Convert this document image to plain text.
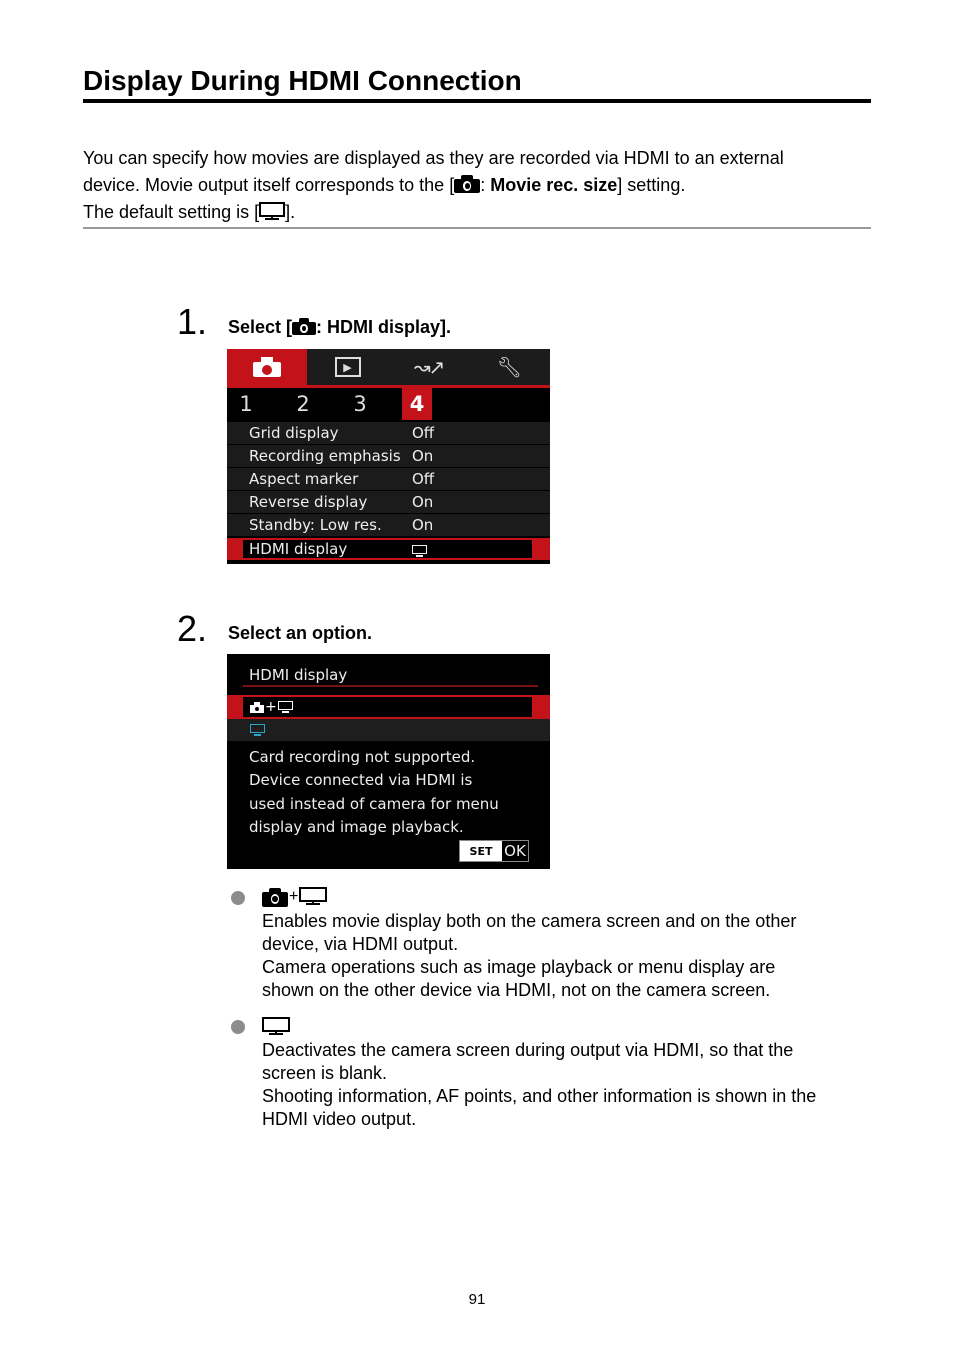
Display During HDMI Connection
You can specify how movies are displayed as they are recorded via HDMI to an external
device. Movie output itself corresponds to the [ : Movie rec. size] setting.
The default setting is [ ].
1. Select [ : HDMI display].
▶	↝↗	🔧︎
1	2	3	4
Grid display	Off
Recording emphasis On
Aspect marker	Off
Reverse display	On
Standby: Low res. On
HDMI display
2. Select an option.
HDMI display
+
Card recording not supported.
Device connected via HDMI is
used instead of camera for menu
display and image playback.
SET OK
+
Enables movie display both on the camera screen and on the other
device, via HDMI output.
Camera operations such as image playback or menu display are
shown on the other device via HDMI, not on the camera screen.
Deactivates the camera screen during output via HDMI, so that the
screen is blank.
Shooting information, AF points, and other information is shown in the
HDMI video output.
91
